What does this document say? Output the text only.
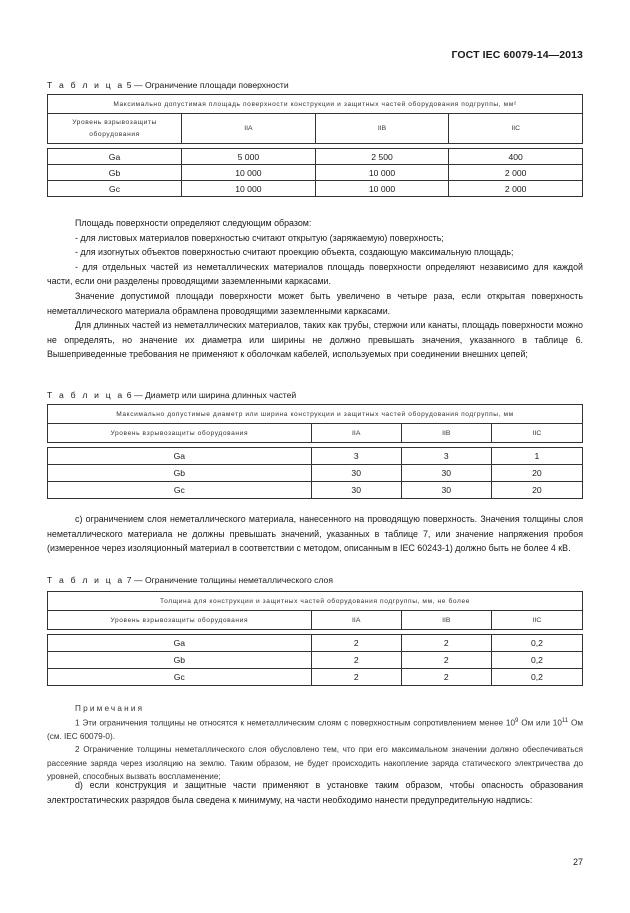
ГОСТ IEC 60079-14—2013
Т а б л и ц а 5 — Ограничение площади поверхности
Максимально допустимая площадь поверхности конструкции и защитных частей оборудования подгруппы, мм²			
Уровень взрывозащиты
оборудования	IIA	IIB	IIC

Ga	5 000	2 500	400
Gb	10 000	10 000	2 000
Gc	10 000	10 000	2 000

Площадь поверхности определяют следующим образом:

- для листовых материалов поверхностью считают открытую (заряжаемую) поверхность;

- для изогнутых объектов поверхностью считают проекцию объекта, создающую максимальную площадь;

- для отдельных частей из неметаллических материалов площадь поверхности определяют независимо для каждой части, если они разделены проводящими заземленными каркасами.

Значение допустимой площади поверхности может быть увеличено в четыре раза, если открытая поверхность неметаллического материала обрамлена проводящими заземленными каркасами.

Для длинных частей из неметаллических материалов, таких как трубы, стержни или канаты, площадь поверхности можно не определять, но значение их диаметра или ширины не должно превышать значения, указанного в таблице 6. Вышеприведенные требования не применяют к оболочкам кабелей, используемых при соединении внешних цепей;

Т а б л и ц а 6 — Диаметр или ширина длинных частей
Максимально допустимые диаметр или ширина конструкции и защитных частей оборудования подгруппы, мм			
Уровень взрывозащиты оборудования	IIA	IIB	IIC

Ga	3	3	1
Gb	30	30	20
Gc	30	30	20

с) ограничением слоя неметаллического материала, нанесенного на проводящую поверхность. Значения толщины слоя неметаллического материала не должны превышать значений, указанных в таблице 7, или значение напряжения пробоя (измеренное через изоляционный материал в соответствии с методом, описанным в IEC 60243-1) должно быть не более 4 кВ.

Т а б л и ц а 7 — Ограничение толщины неметаллического слоя
Толщина для конструкции и защитных частей оборудования подгруппы, мм, не более			
Уровень взрывозащиты оборудования	IIA	IIB	IIC

Ga	2	2	0,2
Gb	2	2	0,2
Gc	2	2	0,2

Примечания

1 Эти ограничения толщины не относятся к неметаллическим слоям с поверхностным сопротивлением менее $10^9$ Ом или $10^{11}$ Ом (см. IEC 60079-0).

2 Ограничение толщины неметаллического слоя обусловлено тем, что при его максимальном значении должно обеспечиваться рассеяние заряда через изоляцию на землю. Таким образом, не будет происходить накопление заряда статического электричества до уровней, способных вызвать воспламенение;

d) если конструкция и защитные части применяют в установке таким образом, чтобы опасность образования электростатических разрядов была сведена к минимуму, на части необходимо нанести предупредительную надпись:

27
